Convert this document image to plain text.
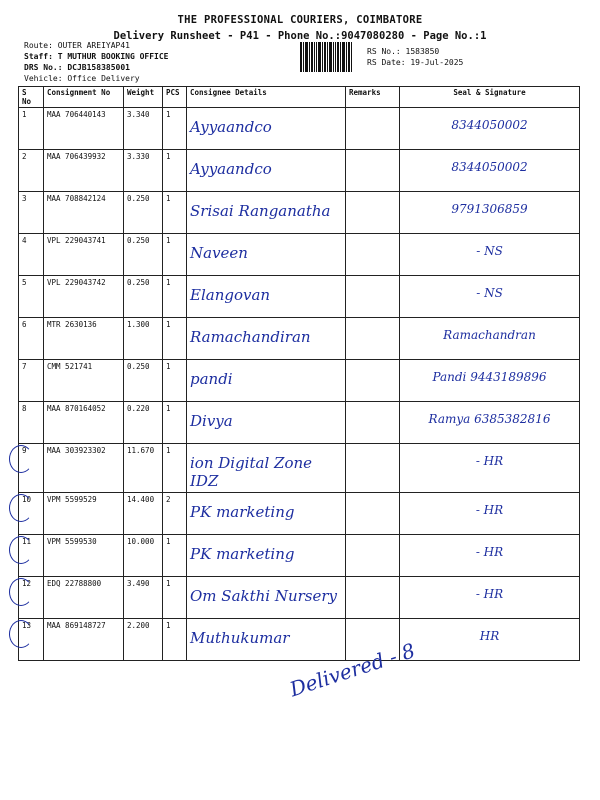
THE PROFESSIONAL COURIERS, COIMBATORE
Delivery Runsheet - P41 - Phone No.:9047080280 - Page No.:1
Route: OUTER AREIYAP41
Staff: T MUTHUR BOOKING OFFICE
DRS No.: DCJB158385001
Vehicle: Office Delivery
RS No.: 1583850
RS Date: 19-Jul-2025
S No	Consignment No	Weight	PCS	Consignee Details	Remarks	Seal & Signature
1	MAA 706440143	3.340	1	Ayyaandco		8344050002

2	MAA 706439932	3.330	1	Ayyaandco		8344050002

3	MAA 708842124	0.250	1	Srisai Ranganatha		9791306859

4	VPL 229043741	0.250	1	Naveen		- NS

5	VPL 229043742	0.250	1	Elangovan		- NS

6	MTR 2630136	1.300	1	Ramachandiran		Ramachandran

7	CMM 521741	0.250	1	pandi		Pandi 9443189896

8	MAA 870164052	0.220	1	Divya		Ramya 6385382816

9	MAA 303923302	11.670	1	ion Digital Zone IDZ		- HR

10	VPM 5599529	14.400	2	PK marketing		- HR

11	VPM 5599530	10.000	1	PK marketing		- HR

12	EDQ 22788800	3.490	1	Om Sakthi Nursery		- HR

13	MAA 869148727	2.200	1	Muthukumar		HR
Delivered - 8
